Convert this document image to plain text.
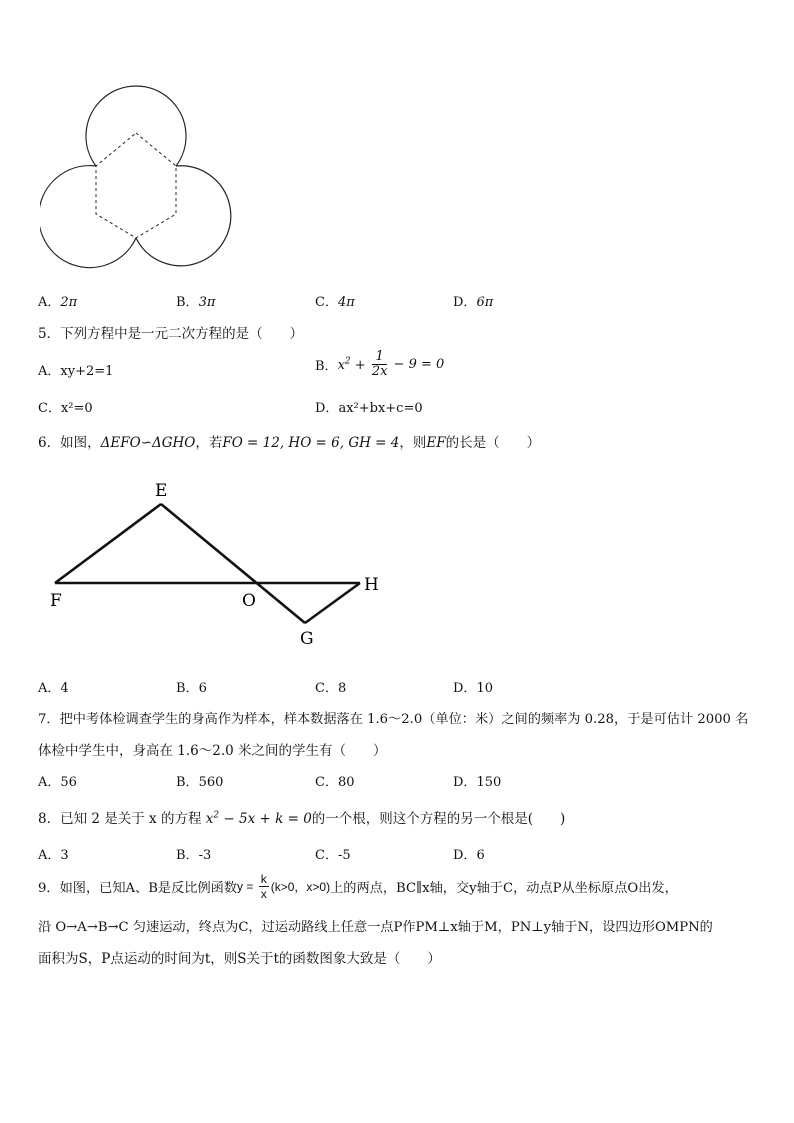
A．2π	B．3π	C．4π	D．6π
5．下列方程中是一元二次方程的是（　　）
A．xy+2=1	B．$x^2 + \frac{1}{2x} - 9 = 0$
C．x²=0	D．ax²+bx+c=0
6．如图，ΔEFO∽ΔGHO，若FO = 12, HO = 6, GH = 4，则EF的长是（　　）
E
F	O
H
G
A．4	B．6	C．8	D．10
7．把中考体检调查学生的身高作为样本，样本数据落在 1.6～2.0（单位：米）之间的频率为 0.28，于是可估计 2000 名
体检中学生中，身高在 1.6～2.0 米之间的学生有（　　）
A．56	B．560	C．80	D．150
8．已知 2 是关于 x 的方程 $x^2 - 5x + k = 0$的一个根，则这个方程的另一个根是(　　)
A．3	B．-3	C．-5	D．6
9．如图，已知A、B是反比例函数$y = \frac{k}{x} (k>0$，x>0)上的两点，BC∥x轴，交y轴于C，动点P从坐标原点O出发，
沿 O→A→B→C 匀速运动，终点为C，过运动路线上任意一点P作PM⊥x轴于M，PN⊥y轴于N，设四边形OMPN的
面积为S，P点运动的时间为t，则S关于t的函数图象大致是（　　）
